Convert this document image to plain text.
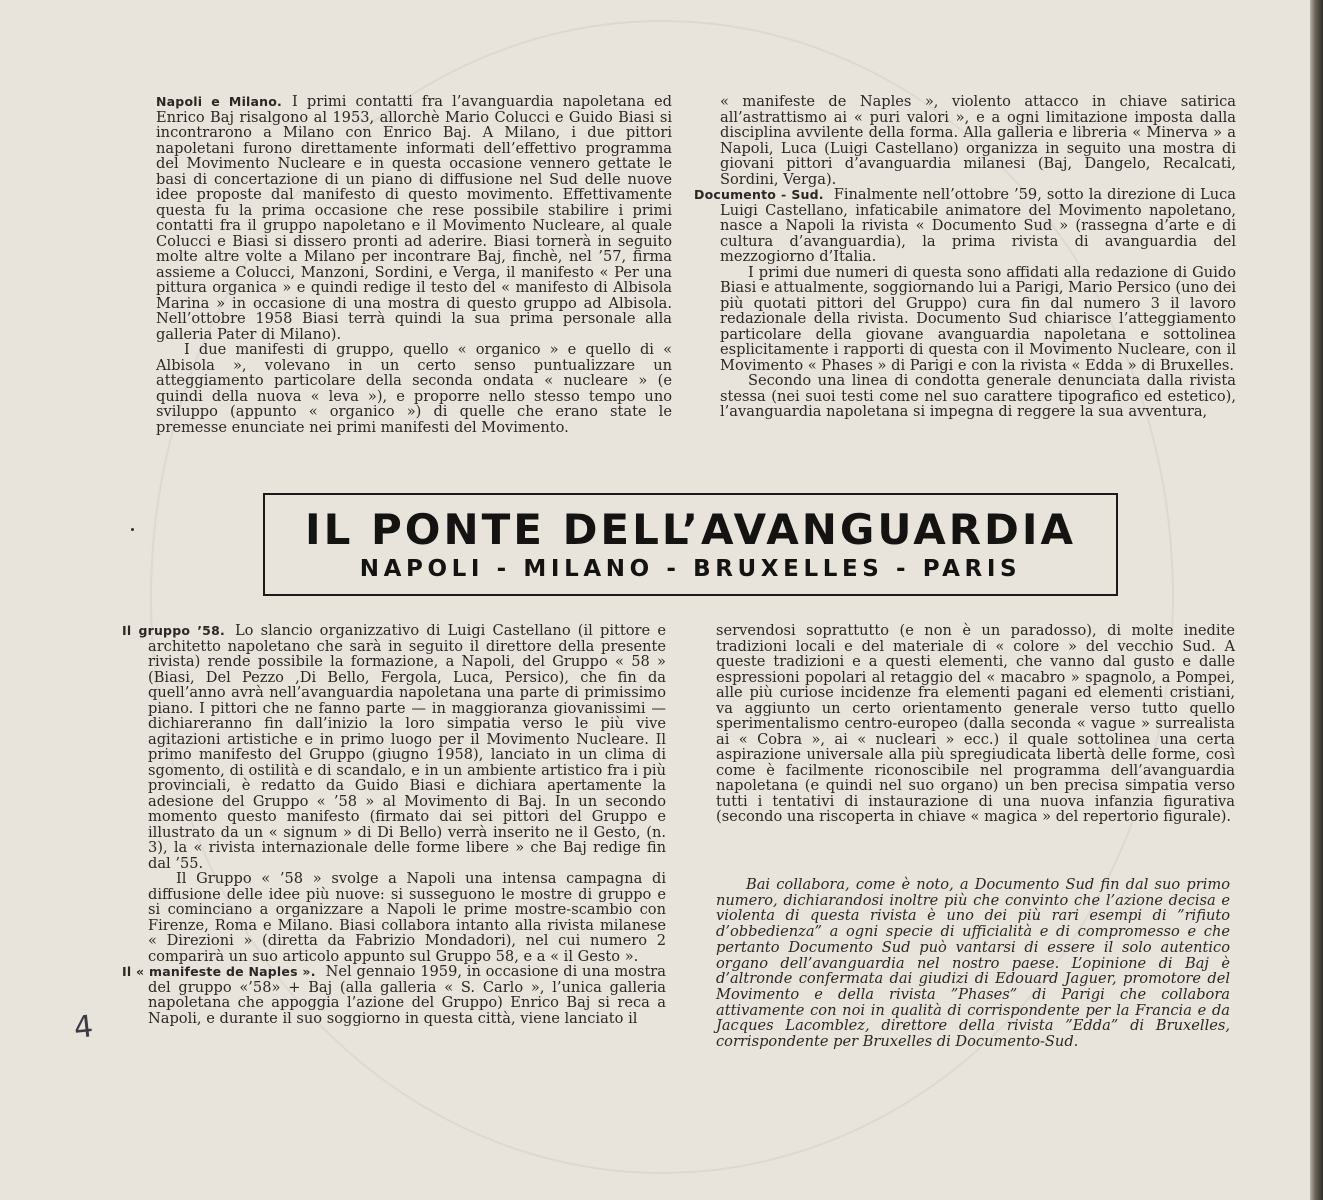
Napoli e Milano. I primi contatti fra l’avanguardia napoletana ed Enrico Baj risalgono al 1953, allorchè Mario Colucci e Guido Biasi si incontrarono a Milano con Enrico Baj. A Milano, i due pittori napoletani furono direttamente informati dell’effettivo programma del Movimento Nucleare e in questa occasione vennero gettate le basi di concertazione di un piano di diffusione nel Sud delle nuove idee proposte dal manifesto di questo movimento. Effettivamente questa fu la prima occasione che rese possibile stabilire i primi contatti fra il gruppo napoletano e il Movimento Nucleare, al quale Colucci e Biasi si dissero pronti ad aderire. Biasi tornerà in seguito molte altre volte a Milano per incontrare Baj, finchè, nel ’57, firma assieme a Colucci, Manzoni, Sordini, e Verga, il manifesto « Per una pittura organica » e quindi redige il testo del « manifesto di Albisola Marina » in occasione di una mostra di questo gruppo ad Albisola. Nell’ottobre 1958 Biasi terrà quindi la sua prima personale alla galleria Pater di Milano).

I due manifesti di gruppo, quello « organico » e quello di « Albisola », volevano in un certo senso puntualizzare un atteggiamento particolare della seconda ondata « nucleare » (e quindi della nuova « leva »), e proporre nello stesso tempo uno sviluppo (appunto « organico ») di quelle che erano state le premesse enunciate nei primi manifesti del Movimento.

« manifeste de Naples », violento attacco in chiave satirica all’astrattismo ai « puri valori », e a ogni limitazione imposta dalla disciplina avvilente della forma. Alla galleria e libreria « Minerva » a Napoli, Luca (Luigi Castellano) organizza in seguito una mostra di giovani pittori d’avanguardia milanesi (Baj, Dangelo, Recalcati, Sordini, Verga).

Documento - Sud. Finalmente nell’ottobre ’59, sotto la direzione di Luca Luigi Castellano, infaticabile animatore del Movimento napoletano, nasce a Napoli la rivista « Documento Sud » (rassegna d’arte e di cultura d’avanguardia), la prima rivista di avanguardia del mezzogiorno d’Italia.

I primi due numeri di questa sono affidati alla redazione di Guido Biasi e attualmente, soggiornando lui a Parigi, Mario Persico (uno dei più quotati pittori del Gruppo) cura fin dal numero 3 il lavoro redazionale della rivista. Documento Sud chiarisce l’atteggiamento particolare della giovane avanguardia napoletana e sottolinea esplicitamente i rapporti di questa con il Movimento Nucleare, con il Movimento « Phases » di Parigi e con la rivista « Edda » di Bruxelles.

Secondo una linea di condotta generale denunciata dalla rivista stessa (nei suoi testi come nel suo carattere tipografico ed estetico), l’avanguardia napoletana si impegna di reggere la sua avventura,

IL PONTE DELL’AVANGUARDIA
NAPOLI - MILANO - BRUXELLES - PARIS

Il gruppo ’58. Lo slancio organizzativo di Luigi Castellano (il pittore e architetto napoletano che sarà in seguito il direttore della presente rivista) rende possibile la formazione, a Napoli, del Gruppo « 58 » (Biasi, Del Pezzo ,Di Bello, Fergola, Luca, Persico), che fin da quell’anno avrà nell’avanguardia napoletana una parte di primissimo piano. I pittori che ne fanno parte — in maggioranza giovanissimi — dichiareranno fin dall’inizio la loro simpatia verso le più vive agitazioni artistiche e in primo luogo per il Movimento Nucleare. Il primo manifesto del Gruppo (giugno 1958), lanciato in un clima di sgomento, di ostilità e di scandalo, e in un ambiente artistico fra i più provinciali, è redatto da Guido Biasi e dichiara apertamente la adesione del Gruppo « ’58 » al Movimento di Baj. In un secondo momento questo manifesto (firmato dai sei pittori del Gruppo e illustrato da un « signum » di Di Bello) verrà inserito ne il Gesto, (n. 3), la « rivista internazionale delle forme libere » che Baj redige fin dal ’55.

Il Gruppo « ’58 » svolge a Napoli una intensa campagna di diffusione delle idee più nuove: si susseguono le mostre di gruppo e si cominciano a organizzare a Napoli le prime mostre-scambio con Firenze, Roma e Milano. Biasi collabora intanto alla rivista milanese « Direzioni » (diretta da Fabrizio Mondadori), nel cui numero 2 comparirà un suo articolo appunto sul Gruppo 58, e a « il Gesto ».

Il « manifeste de Naples ». Nel gennaio 1959, in occasione di una mostra del gruppo «’58» + Baj (alla galleria « S. Carlo », l’unica galleria napoletana che appoggia l’azione del Gruppo) Enrico Baj si reca a Napoli, e durante il suo soggiorno in questa città, viene lanciato il

servendosi soprattutto (e non è un paradosso), di molte inedite tradizioni locali e del materiale di « colore » del vecchio Sud. A queste tradizioni e a questi elementi, che vanno dal gusto e dalle espressioni popolari al retaggio del « macabro » spagnolo, a Pompei, alle più curiose incidenze fra elementi pagani ed elementi cristiani, va aggiunto un certo orientamento generale verso tutto quello sperimentalismo centro-europeo (dalla seconda « vague » surrealista ai « Cobra », ai « nucleari » ecc.) il quale sottolinea una certa aspirazione universale alla più spregiudicata libertà delle forme, così come è facilmente riconoscibile nel programma dell’avanguardia napoletana (e quindi nel suo organo) un ben precisa simpatia verso tutti i tentativi di instaurazione di una nuova infanzia figurativa (secondo una riscoperta in chiave « magica » del repertorio figurale).

Bai collabora, come è noto, a Documento Sud fin dal suo primo numero, dichiarandosi inoltre più che convinto che l’azione decisa e violenta di questa rivista è uno dei più rari esempi di ”rifiuto d’obbedienza” a ogni specie di ufficialità e di compromesso e che pertanto Documento Sud può vantarsi di essere il solo autentico organo dell’avanguardia nel nostro paese. L’opinione di Baj è d’altronde confermata dai giudizi di Edouard Jaguer, promotore del Movimento e della rivista ”Phases” di Parigi che collabora attivamente con noi in qualità di corrispondente per la Francia e da Jacques Lacomblez, direttore della rivista ”Edda” di Bruxelles, corrispondente per Bruxelles di Documento-Sud.
4
